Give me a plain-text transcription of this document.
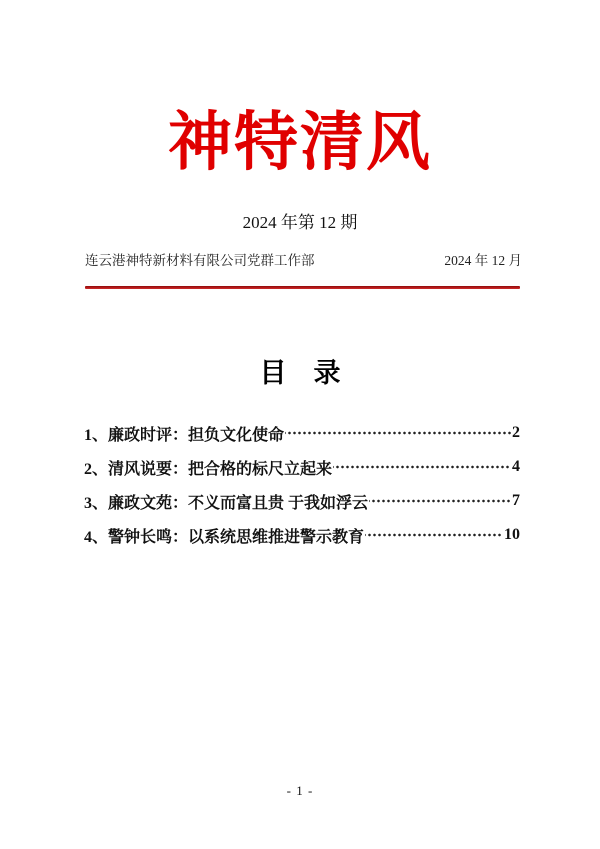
神特清风
2024 年第 12 期
连云港神特新材料有限公司党群工作部	2024 年 12 月
目　录
1、廉政时评：担负文化使命	2
2、清风说要：把合格的标尺立起来	4
3、廉政文苑：不义而富且贵 于我如浮云	7
4、警钟长鸣：以系统思维推进警示教育	10
- 1 -
